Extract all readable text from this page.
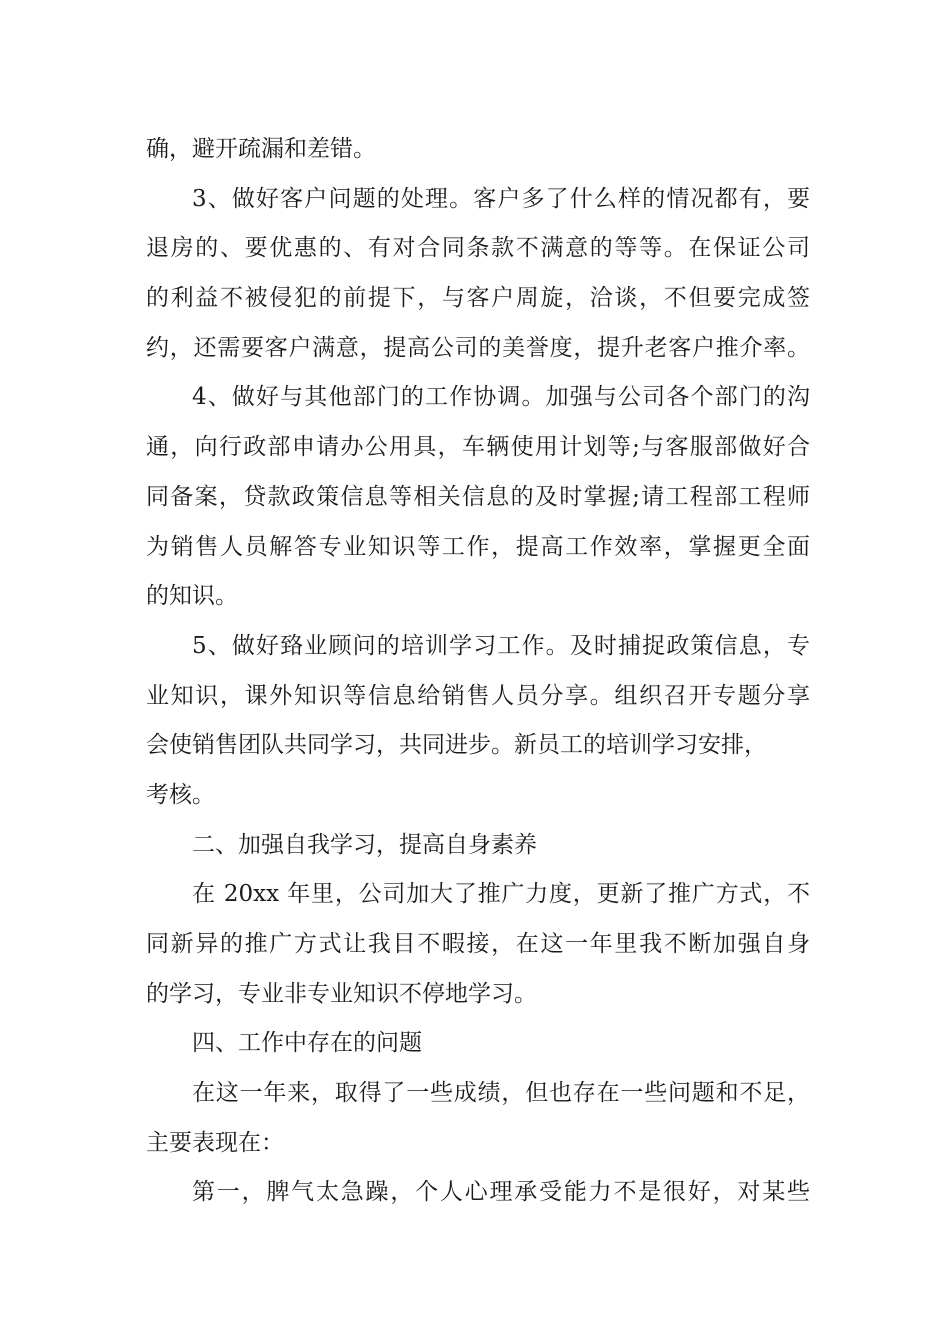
确，避开疏漏和差错。
3、做好客户问题的处理。客户多了什么样的情况都有，要
退房的、要优惠的、有对合同条款不满意的等等。在保证公司
的利益不被侵犯的前提下，与客户周旋，洽谈，不但要完成签
约，还需要客户满意，提高公司的美誉度，提升老客户推介率。
4、做好与其他部门的工作协调。加强与公司各个部门的沟
通，向行政部申请办公用具，车辆使用计划等;与客服部做好合
同备案，贷款政策信息等相关信息的及时掌握;请工程部工程师
为销售人员解答专业知识等工作，提高工作效率，掌握更全面
的知识。
5、做好臵业顾问的培训学习工作。及时捕捉政策信息，专
业知识，课外知识等信息给销售人员分享。组织召开专题分享
会使销售团队共同学习，共同进步。新员工的培训学习安排，
考核。
二、加强自我学习，提高自身素养
在 20xx 年里，公司加大了推广力度，更新了推广方式，不
同新异的推广方式让我目不暇接，在这一年里我不断加强自身
的学习，专业非专业知识不停地学习。
四、工作中存在的问题
在这一年来，取得了一些成绩，但也存在一些问题和不足，
主要表现在：
第一，脾气太急躁，个人心理承受能力不是很好，对某些
